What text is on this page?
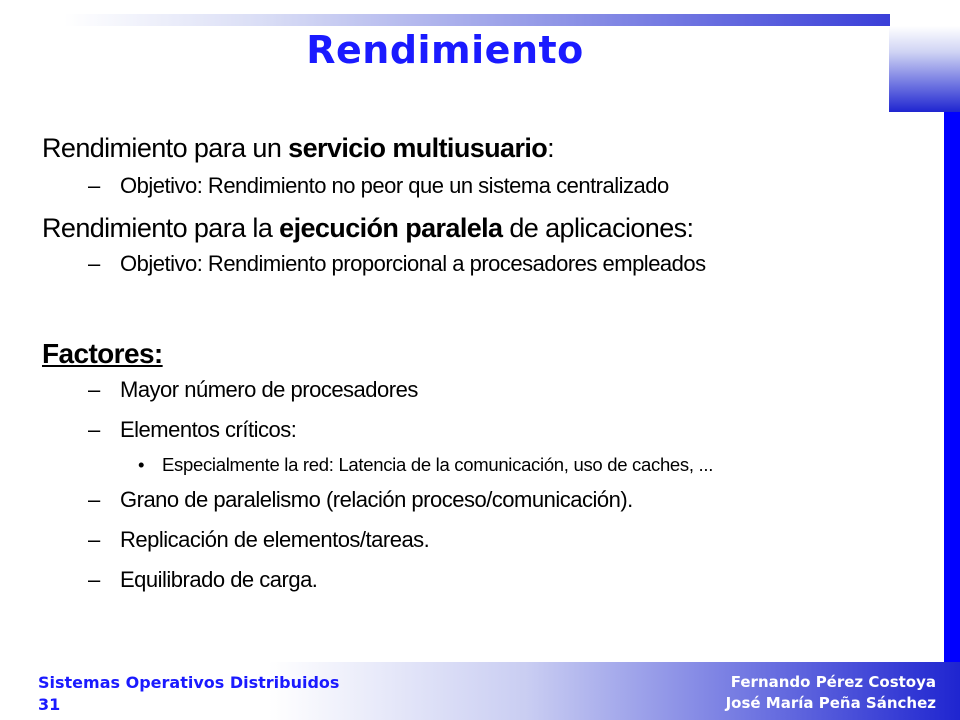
Rendimiento
Rendimiento para un servicio multiusuario:
– Objetivo: Rendimiento no peor que un sistema centralizado
Rendimiento para la ejecución paralela de aplicaciones:
– Objetivo: Rendimiento proporcional a procesadores empleados
Factores:
– Mayor número de procesadores
– Elementos críticos:
• Especialmente la red: Latencia de la comunicación, uso de caches, ...
– Grano de paralelismo (relación proceso/comunicación).
– Replicación de elementos/tareas.
– Equilibrado de carga.
Sistemas Operativos Distribuidos
31
Fernando Pérez Costoya
José María Peña Sánchez
